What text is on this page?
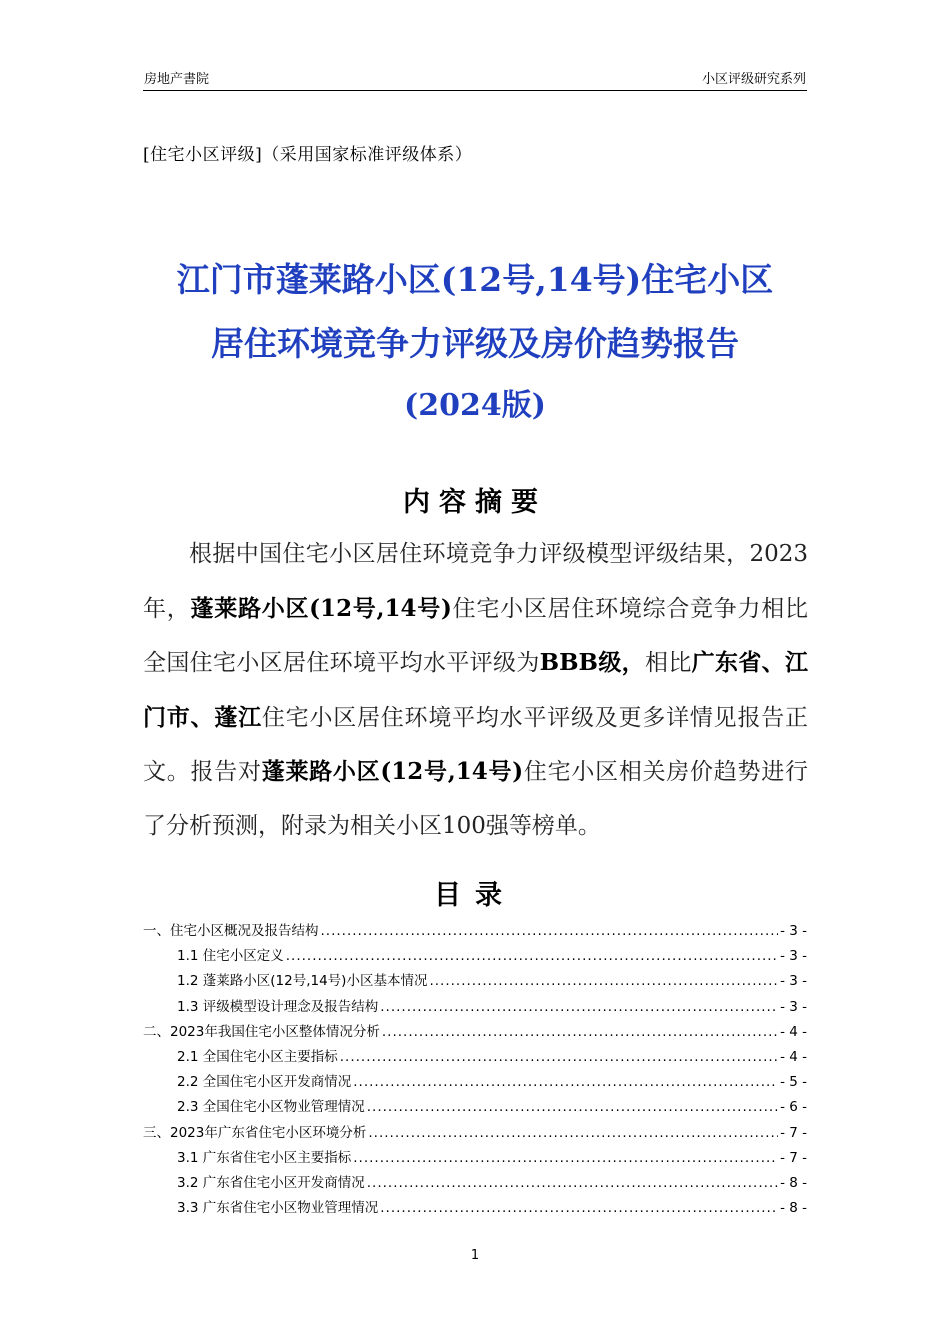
房地产書院	小区评级研究系列
[住宅小区评级]（采用国家标准评级体系）
江门市蓬莱路小区(12号,14号)住宅小区
居住环境竞争力评级及房价趋势报告
(2024版)
内容摘要

根据中国住宅小区居住环境竞争力评级模型评级结果，2023年，蓬莱路小区(12号,14号)住宅小区居住环境综合竞争力相比全国住宅小区居住环境平均水平评级为BBB级，相比广东省、江门市、蓬江住宅小区居住环境平均水平评级及更多详情见报告正文。报告对蓬莱路小区(12号,14号)住宅小区相关房价趋势进行了分析预测，附录为相关小区100强等榜单。

目录
一、住宅小区概况及报告结构 .....	- 3 -
1.1 住宅小区定义 .....	- 3 -
1.2 蓬莱路小区(12号,14号)小区基本情况 .....	- 3 -
1.3 评级模型设计理念及报告结构 .....	- 3 -
二、2023年我国住宅小区整体情况分析 .....	- 4 -
2.1 全国住宅小区主要指标 .....	- 4 -
2.2 全国住宅小区开发商情况 .....	- 5 -
2.3 全国住宅小区物业管理情况 .....	- 6 -
三、2023年广东省住宅小区环境分析 .....	- 7 -
3.1 广东省住宅小区主要指标 .....	- 7 -
3.2 广东省住宅小区开发商情况 .....	- 8 -
3.3 广东省住宅小区物业管理情况 .....	- 8 -
1
